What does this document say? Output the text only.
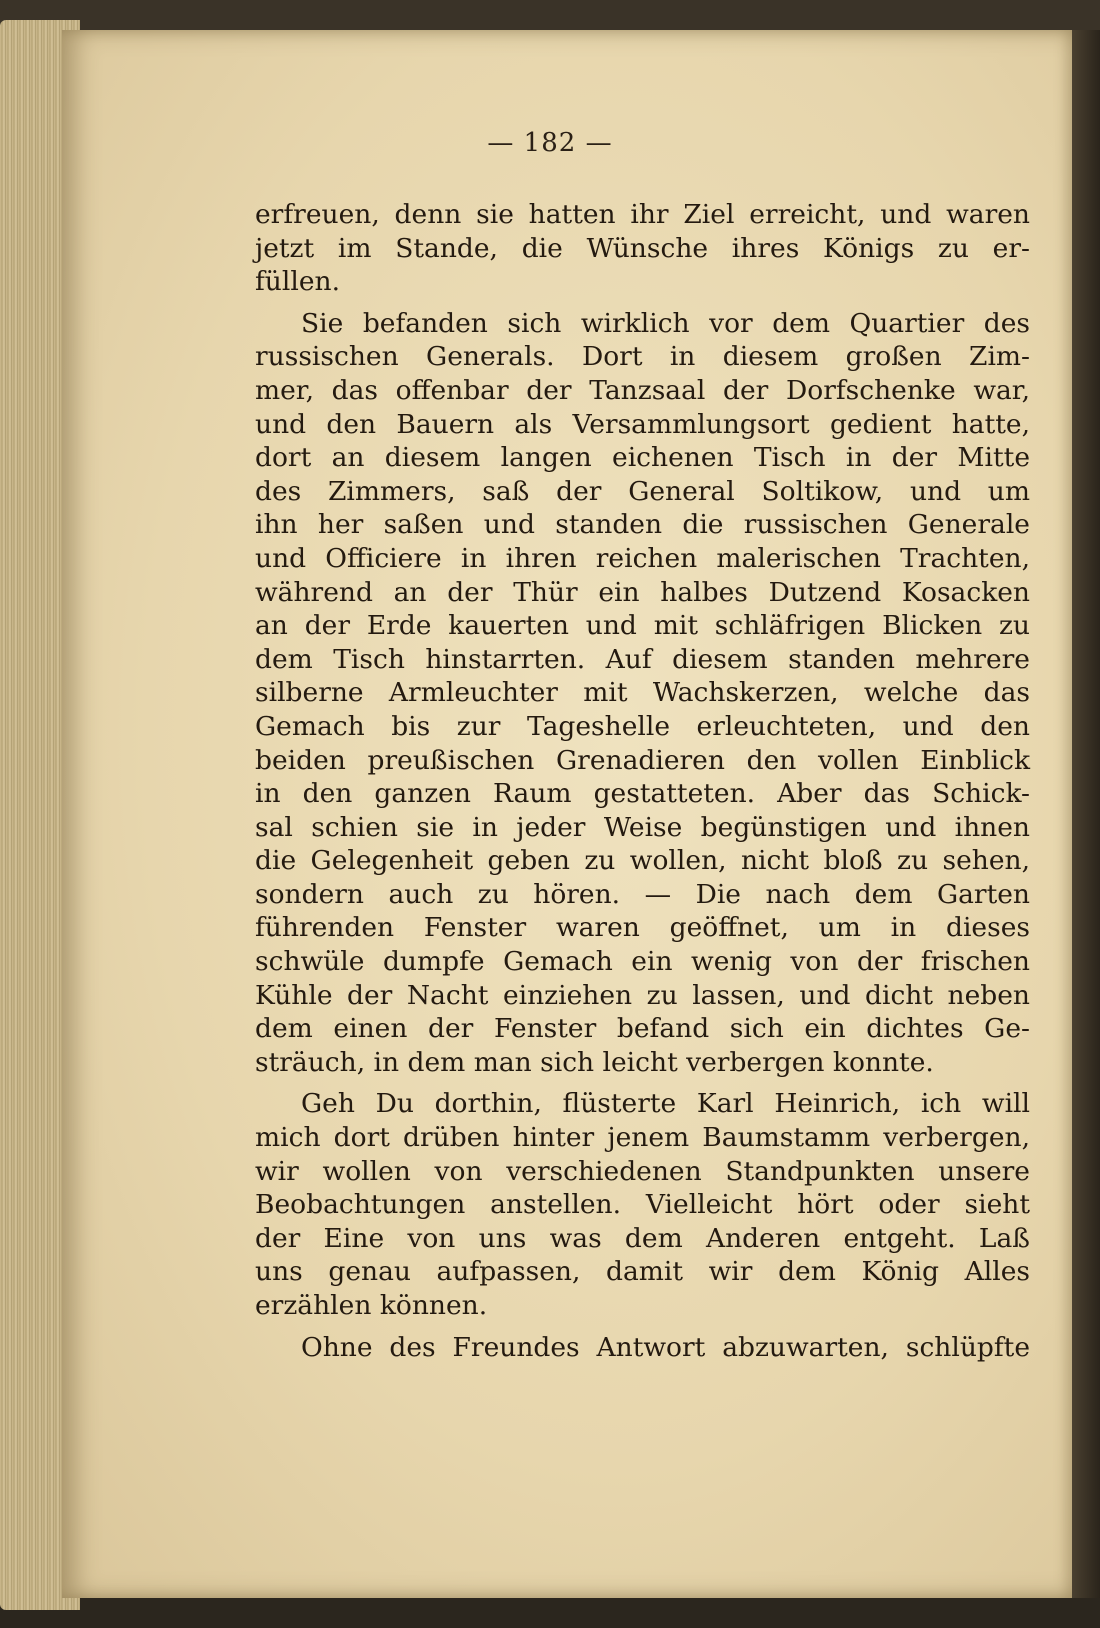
— 182 —
erfreuen, denn sie hatten ihr Ziel erreicht, und waren
jetzt im Stande, die Wünsche ihres Königs zu er-
füllen.
Sie befanden sich wirklich vor dem Quartier des
russischen Generals. Dort in diesem großen Zim-
mer, das offenbar der Tanzsaal der Dorfschenke war,
und den Bauern als Versammlungsort gedient hatte,
dort an diesem langen eichenen Tisch in der Mitte
des Zimmers, saß der General Soltikow, und um
ihn her saßen und standen die russischen Generale
und Officiere in ihren reichen malerischen Trachten,
während an der Thür ein halbes Dutzend Kosacken
an der Erde kauerten und mit schläfrigen Blicken zu
dem Tisch hinstarrten. Auf diesem standen mehrere
silberne Armleuchter mit Wachskerzen, welche das
Gemach bis zur Tageshelle erleuchteten, und den
beiden preußischen Grenadieren den vollen Einblick
in den ganzen Raum gestatteten. Aber das Schick-
sal schien sie in jeder Weise begünstigen und ihnen
die Gelegenheit geben zu wollen, nicht bloß zu sehen,
sondern auch zu hören. — Die nach dem Garten
führenden Fenster waren geöffnet, um in dieses
schwüle dumpfe Gemach ein wenig von der frischen
Kühle der Nacht einziehen zu lassen, und dicht neben
dem einen der Fenster befand sich ein dichtes Ge-
sträuch, in dem man sich leicht verbergen konnte.
Geh Du dorthin, flüsterte Karl Heinrich, ich will
mich dort drüben hinter jenem Baumstamm verbergen,
wir wollen von verschiedenen Standpunkten unsere
Beobachtungen anstellen. Vielleicht hört oder sieht
der Eine von uns was dem Anderen entgeht. Laß
uns genau aufpassen, damit wir dem König Alles
erzählen können.
Ohne des Freundes Antwort abzuwarten, schlüpfte
